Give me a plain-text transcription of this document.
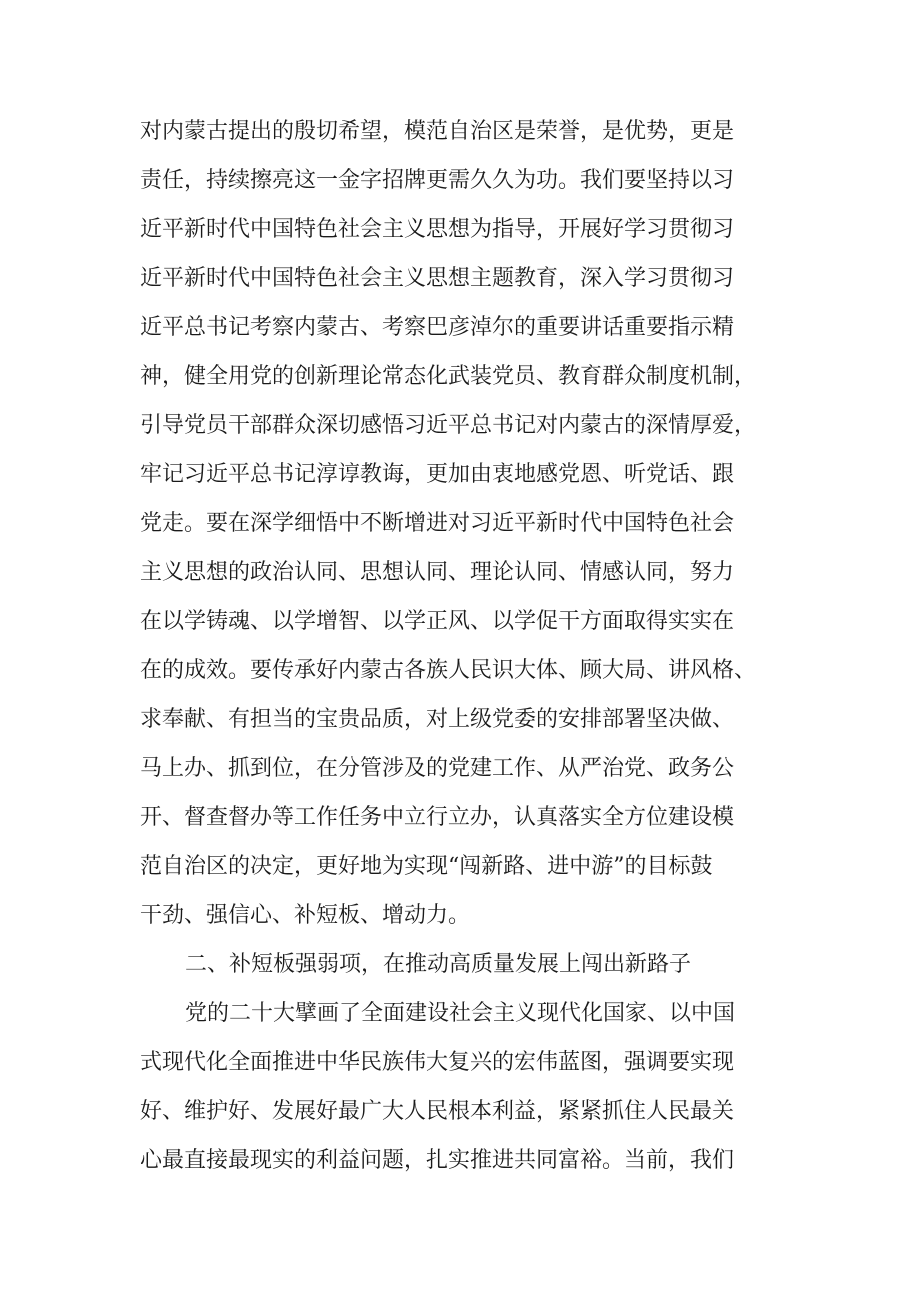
对内蒙古提出的殷切希望，模范自治区是荣誉，是优势，更是
责任，持续擦亮这一金字招牌更需久久为功。我们要坚持以习
近平新时代中国特色社会主义思想为指导，开展好学习贯彻习
近平新时代中国特色社会主义思想主题教育，深入学习贯彻习
近平总书记考察内蒙古、考察巴彦淖尔的重要讲话重要指示精
神，健全用党的创新理论常态化武装党员、教育群众制度机制，
引导党员干部群众深切感悟习近平总书记对内蒙古的深情厚爱，
牢记习近平总书记淳谆教诲，更加由衷地感党恩、听党话、跟
党走。要在深学细悟中不断增进对习近平新时代中国特色社会
主义思想的政治认同、思想认同、理论认同、情感认同，努力
在以学铸魂、以学增智、以学正风、以学促干方面取得实实在
在的成效。要传承好内蒙古各族人民识大体、顾大局、讲风格、
求奉献、有担当的宝贵品质，对上级党委的安排部署坚决做、
马上办、抓到位，在分管涉及的党建工作、从严治党、政务公
开、督查督办等工作任务中立行立办，认真落实全方位建设模
范自治区的决定，更好地为实现“闯新路、进中游”的目标鼓
干劲、强信心、补短板、增动力。
二、补短板强弱项，在推动高质量发展上闯出新路子
党的二十大擘画了全面建设社会主义现代化国家、以中国
式现代化全面推进中华民族伟大复兴的宏伟蓝图，强调要实现
好、维护好、发展好最广大人民根本利益，紧紧抓住人民最关
心最直接最现实的利益问题，扎实推进共同富裕。当前，我们
